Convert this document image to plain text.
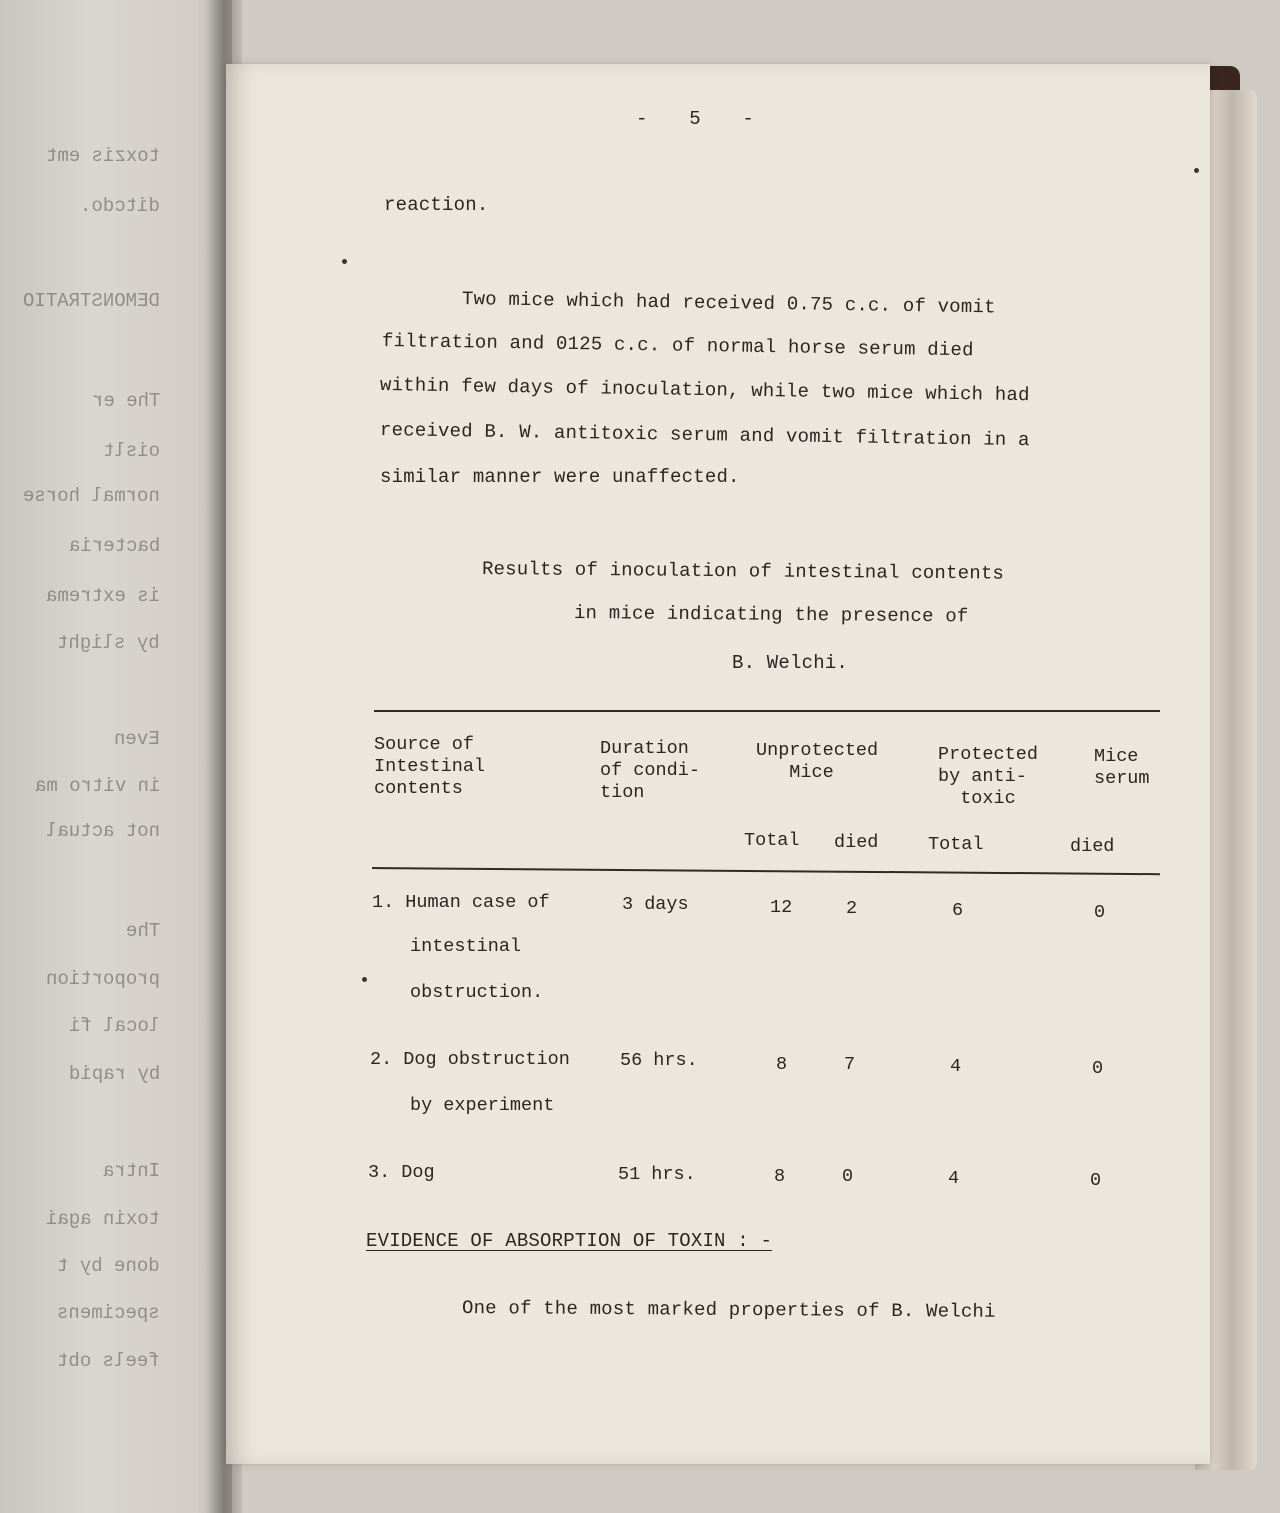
toxzis emt
ditcdo.
DEMONSTRATIO
The er
oislt
normal horse
bacteria
is extrema
by slight
Even
in vitro ma
not actual
The
proportion
local fi
by rapid
Intra
toxin agai
done by t
specimens
feels obt
- 5 -
reaction.
Two mice which had received 0.75 c.c. of vomit
filtration and 0125 c.c. of normal horse serum died
within few days of inoculation, while two mice which had
received B. W. antitoxic serum and vomit filtration in a
similar manner were unaffected.
Results of inoculation of intestinal contents
in mice indicating the presence of
B. Welchi.
Source of
Intestinal
contents
Duration
of condi-
tion
Unprotected
Mice
Protected
by anti-
toxic
Mice
serum
Total died	Total	died
1. Human case of
intestinal
obstruction.
3 days	12	2	6	0
2. Dog obstruction
by experiment
56 hrs.	8	7	4	0
3. Dog	51 hrs.	8	0	4	0
EVIDENCE OF ABSORPTION OF TOXIN : -
One of the most marked properties of B. Welchi
